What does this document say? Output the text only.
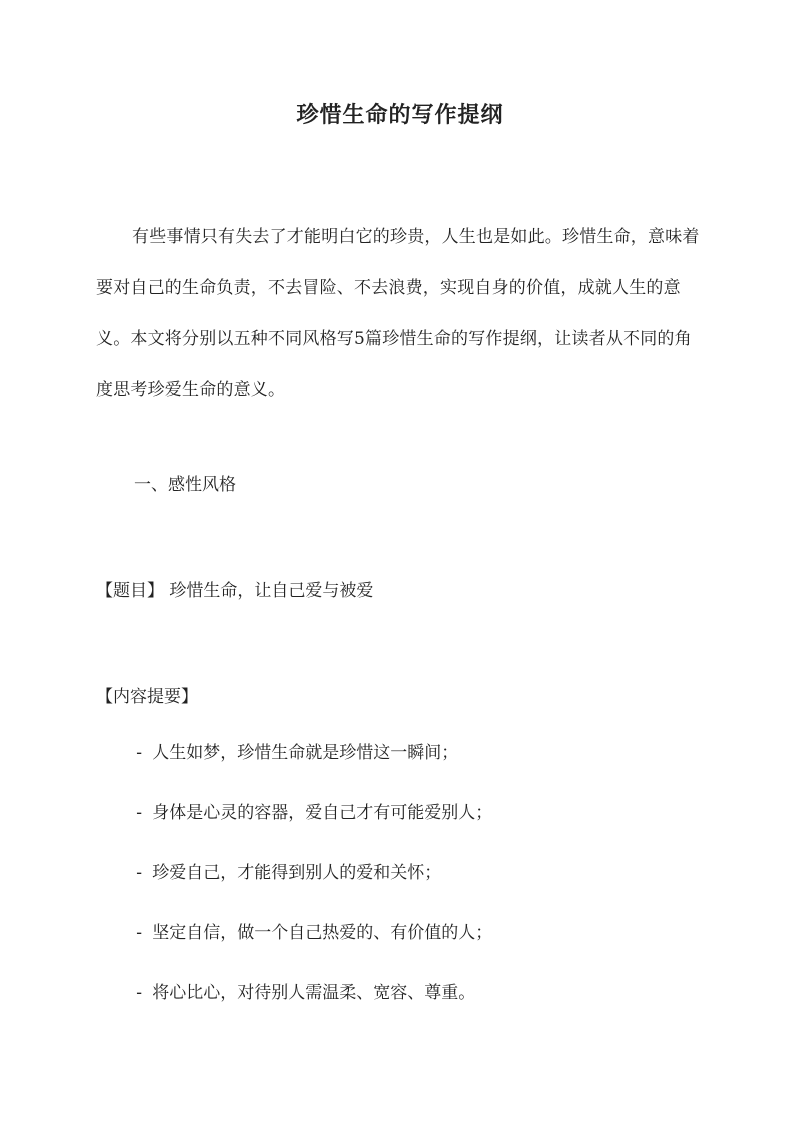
珍惜生命的写作提纲

有些事情只有失去了才能明白它的珍贵，人生也是如此。珍惜生命，意味着要对自己的生命负责，不去冒险、不去浪费，实现自身的价值，成就人生的意义。本文将分别以五种不同风格写5篇珍惜生命的写作提纲，让读者从不同的角度思考珍爱生命的意义。

一、感性风格
【题目】 珍惜生命，让自己爱与被爱
【内容提要】
- 人生如梦，珍惜生命就是珍惜这一瞬间；
- 身体是心灵的容器，爱自己才有可能爱别人；
- 珍爱自己，才能得到别人的爱和关怀；
- 坚定自信，做一个自己热爱的、有价值的人；
- 将心比心，对待别人需温柔、宽容、尊重。
